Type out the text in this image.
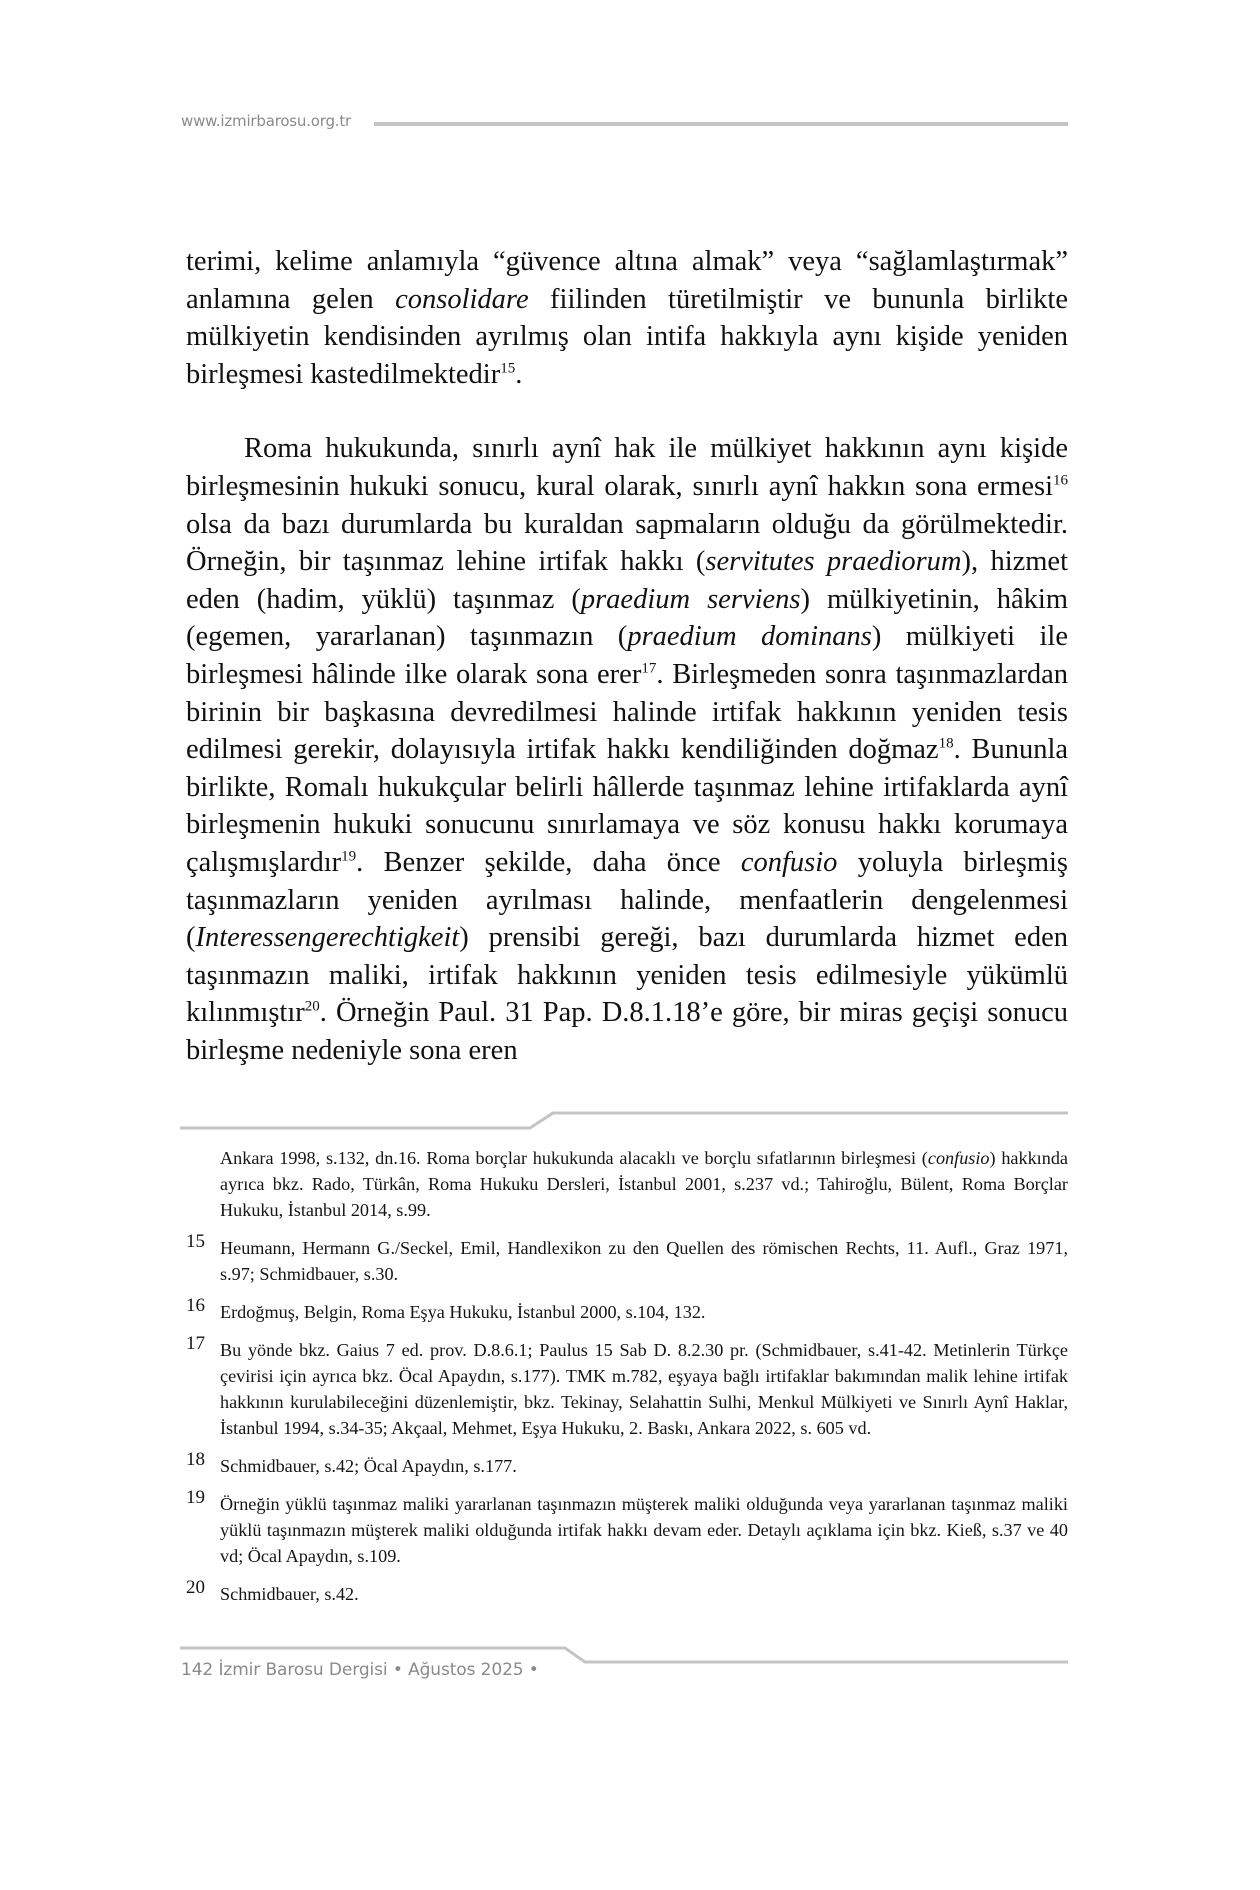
www.izmirbarosu.org.tr

terimi, kelime anlamıyla “güvence altına almak” veya “sağlamlaştırmak” anlamına gelen consolidare fiilinden türetilmiştir ve bununla birlikte mülkiyetin kendisinden ayrılmış olan intifa hakkıyla aynı kişide yeniden birleşmesi kastedilmektedir$^{15}$.

Roma hukukunda, sınırlı aynî hak ile mülkiyet hakkının aynı kişide birleşmesinin hukuki sonucu, kural olarak, sınırlı aynî hakkın sona ermesi$^{16}$ olsa da bazı durumlarda bu kuraldan sapmaların olduğu da görülmektedir. Örneğin, bir taşınmaz lehine irtifak hakkı (servitutes praediorum), hizmet eden (hadim, yüklü) taşınmaz (praedium serviens) mülkiyetinin, hâkim (egemen, yararlanan) taşınmazın (praedium dominans) mülkiyeti ile birleşmesi hâlinde ilke olarak sona erer$^{17}$. Birleşmeden sonra taşınmazlardan birinin bir başkasına devredilmesi halinde irtifak hakkının yeniden tesis edilmesi gerekir, dolayısıyla irtifak hakkı kendiliğinden doğmaz$^{18}$. Bununla birlikte, Romalı hukukçular belirli hâllerde taşınmaz lehine irtifaklarda aynî birleşmenin hukuki sonucunu sınırlamaya ve söz konusu hakkı korumaya çalışmışlardır$^{19}$. Benzer şekilde, daha önce confusio yoluyla birleşmiş taşınmazların yeniden ayrılması halinde, menfaatlerin dengelenmesi (Interessengerechtigkeit) prensibi gereği, bazı durumlarda hizmet eden taşınmazın maliki, irtifak hakkının yeniden tesis edilmesiyle yükümlü kılınmıştır$^{20}$. Örneğin Paul. 31 Pap. D.8.1.18’e göre, bir miras geçişi sonucu birleşme nedeniyle sona eren

Ankara 1998, s.132, dn.16. Roma borçlar hukukunda alacaklı ve borçlu sıfatlarının birleşmesi (confusio) hakkında ayrıca bkz. Rado, Türkân, Roma Hukuku Dersleri, İstanbul 2001, s.237 vd.; Tahiroğlu, Bülent, Roma Borçlar Hukuku, İstanbul 2014, s.99.
15 Heumann, Hermann G./Seckel, Emil, Handlexikon zu den Quellen des römischen Rechts, 11. Aufl., Graz 1971, s.97; Schmidbauer, s.30.
16 Erdoğmuş, Belgin, Roma Eşya Hukuku, İstanbul 2000, s.104, 132.
17 Bu yönde bkz. Gaius 7 ed. prov. D.8.6.1; Paulus 15 Sab D. 8.2.30 pr. (Schmidbauer, s.41-42. Metinlerin Türkçe çevirisi için ayrıca bkz. Öcal Apaydın, s.177). TMK m.782, eşyaya bağlı irtifaklar bakımından malik lehine irtifak hakkının kurulabileceğini düzenlemiştir, bkz. Tekinay, Selahattin Sulhi, Menkul Mülkiyeti ve Sınırlı Aynî Haklar, İstanbul 1994, s.34-35; Akçaal, Mehmet, Eşya Hukuku, 2. Baskı, Ankara 2022, s. 605 vd.
18 Schmidbauer, s.42; Öcal Apaydın, s.177.
19 Örneğin yüklü taşınmaz maliki yararlanan taşınmazın müşterek maliki olduğunda veya yararlanan taşınmaz maliki yüklü taşınmazın müşterek maliki olduğunda irtifak hakkı devam eder. Detaylı açıklama için bkz. Kieß, s.37 ve 40 vd; Öcal Apaydın, s.109.
20 Schmidbauer, s.42.
142 İzmir Barosu Dergisi • Ağustos 2025 •
